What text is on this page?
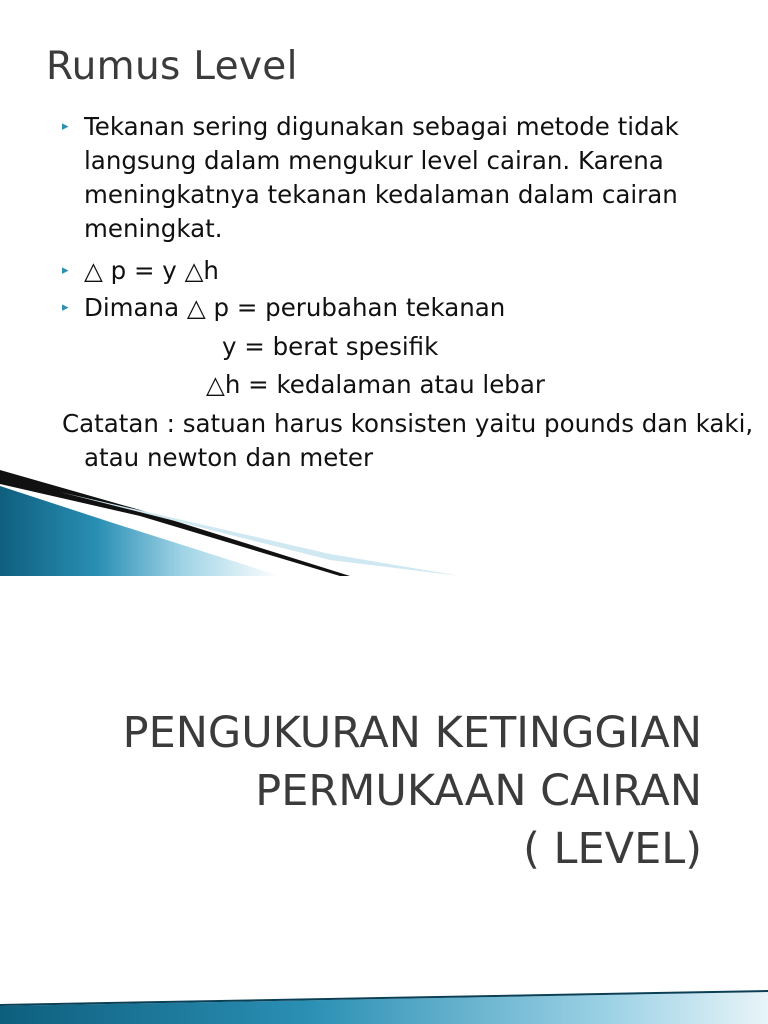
Rumus Level
▸ Tekanan sering digunakan sebagai metode tidak langsung dalam mengukur level cairan. Karena meningkatnya tekanan kedalaman dalam cairan meningkat.
▸ △ p = y △h
▸ Dimana △ p = perubahan tekanan
y = berat spesifik
△h = kedalaman atau lebar

Catatan : satuan harus konsisten yaitu pounds dan kaki, atau newton dan meter

PENGUKURAN KETINGGIAN
PERMUKAAN CAIRAN
( LEVEL)
